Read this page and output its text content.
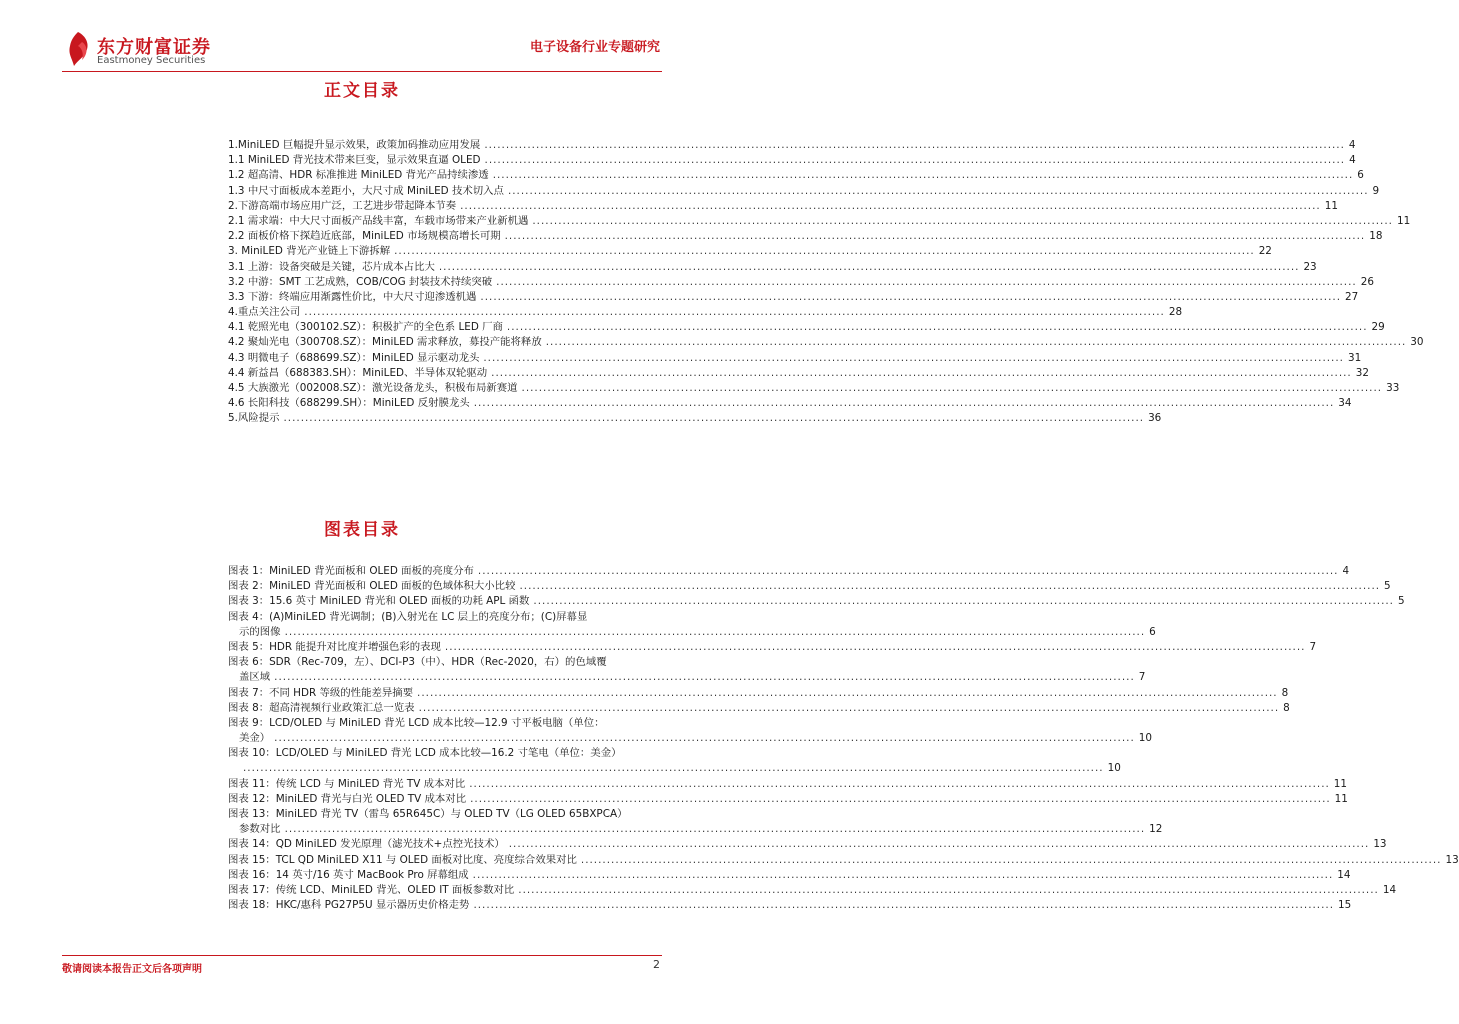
东方财富证券
Eastmoney Securities
电子设备行业专题研究
正文目录
1.MiniLED 巨幅提升显示效果，政策加码推动应用发展 ........................................................................................................................................................................................................ 4
1.1 MiniLED 背光技术带来巨变，显示效果直逼 OLED ........................................................................................................................................................................................................ 4
1.2 超高清、HDR 标准推进 MiniLED 背光产品持续渗透 ........................................................................................................................................................................................................ 6
1.3 中尺寸面板成本差距小，大尺寸成 MiniLED 技术切入点 ........................................................................................................................................................................................................ 9
2.下游高端市场应用广泛，工艺进步带起降本节奏 ........................................................................................................................................................................................................ 11
2.1 需求端：中大尺寸面板产品线丰富，车载市场带来产业新机遇 ........................................................................................................................................................................................................ 11
2.2 面板价格下探趋近底部，MiniLED 市场规模高增长可期 ........................................................................................................................................................................................................ 18
3. MiniLED 背光产业链上下游拆解 ........................................................................................................................................................................................................ 22
3.1 上游：设备突破是关键，芯片成本占比大 ........................................................................................................................................................................................................ 23
3.2 中游：SMT 工艺成熟，COB/COG 封装技术持续突破 ........................................................................................................................................................................................................ 26
3.3 下游：终端应用渐露性价比，中大尺寸迎渗透机遇 ........................................................................................................................................................................................................ 27
4.重点关注公司 ........................................................................................................................................................................................................ 28
4.1 乾照光电（300102.SZ）：积极扩产的全色系 LED 厂商 ........................................................................................................................................................................................................ 29
4.2 聚灿光电（300708.SZ）：MiniLED 需求释放，募投产能将释放 ........................................................................................................................................................................................................ 30
4.3 明微电子（688699.SZ）：MiniLED 显示驱动龙头 ........................................................................................................................................................................................................ 31
4.4 新益昌（688383.SH）：MiniLED、半导体双轮驱动 ........................................................................................................................................................................................................ 32
4.5 大族激光（002008.SZ）：激光设备龙头，积极布局新赛道 ........................................................................................................................................................................................................ 33
4.6 长阳科技（688299.SH）：MiniLED 反射膜龙头 ........................................................................................................................................................................................................ 34
5.风险提示 ........................................................................................................................................................................................................ 36
图表目录
图表 1：MiniLED 背光面板和 OLED 面板的亮度分布 ........................................................................................................................................................................................................ 4
图表 2：MiniLED 背光面板和 OLED 面板的色域体积大小比较 ........................................................................................................................................................................................................ 5
图表 3：15.6 英寸 MiniLED 背光和 OLED 面板的功耗 APL 函数 ........................................................................................................................................................................................................ 5
图表 4：(A)MiniLED 背光调制；(B)入射光在 LC 层上的亮度分布；(C)屏幕显
示的图像 ........................................................................................................................................................................................................ 6
图表 5：HDR 能提升对比度并增强色彩的表现 ........................................................................................................................................................................................................ 7
图表 6：SDR（Rec-709，左）、DCI-P3（中）、HDR（Rec-2020，右）的色域覆
盖区域 ........................................................................................................................................................................................................ 7
图表 7：不同 HDR 等级的性能差异摘要 ........................................................................................................................................................................................................ 8
图表 8：超高清视频行业政策汇总一览表 ........................................................................................................................................................................................................ 8
图表 9：LCD/OLED 与 MiniLED 背光 LCD 成本比较—12.9 寸平板电脑（单位：
美金） ........................................................................................................................................................................................................ 10
图表 10：LCD/OLED 与 MiniLED 背光 LCD 成本比较—16.2 寸笔电（单位：美金）
........................................................................................................................................................................................................ 10
图表 11：传统 LCD 与 MiniLED 背光 TV 成本对比 ........................................................................................................................................................................................................ 11
图表 12：MiniLED 背光与白光 OLED TV 成本对比 ........................................................................................................................................................................................................ 11
图表 13：MiniLED 背光 TV（雷鸟 65R645C）与 OLED TV（LG OLED 65BXPCA）
参数对比 ........................................................................................................................................................................................................ 12
图表 14：QD MiniLED 发光原理（滤光技术+点控光技术） ........................................................................................................................................................................................................ 13
图表 15：TCL QD MiniLED X11 与 OLED 面板对比度、亮度综合效果对比 ........................................................................................................................................................................................................ 13
图表 16：14 英寸/16 英寸 MacBook Pro 屏幕组成 ........................................................................................................................................................................................................ 14
图表 17：传统 LCD、MiniLED 背光、OLED IT 面板参数对比 ........................................................................................................................................................................................................ 14
图表 18：HKC/惠科 PG27P5U 显示器历史价格走势 ........................................................................................................................................................................................................ 15
敬请阅读本报告正文后各项声明	2
